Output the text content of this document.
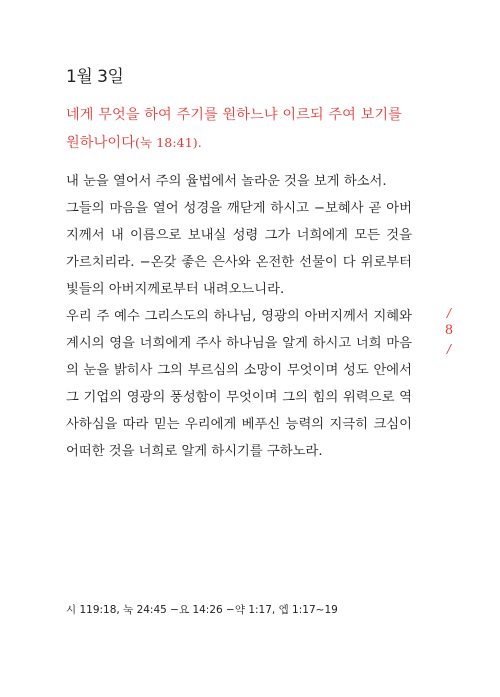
1월 3일
네게 무엇을 하여 주기를 원하느냐 이르되 주여 보기를 원하나이다(눅 18:41).

내 눈을 열어서 주의 율법에서 놀라운 것을 보게 하소서.

그들의 마음을 열어 성경을 깨닫게 하시고 −보혜사 곧 아버지께서 내 이름으로 보내실 성령 그가 너희에게 모든 것을 가르치리라. −온갖 좋은 은사와 온전한 선물이 다 위로부터 빛들의 아버지께로부터 내려오느니라.

우리 주 예수 그리스도의 하나님, 영광의 아버지께서 지혜와 계시의 영을 너희에게 주사 하나님을 알게 하시고 너희 마음의 눈을 밝히사 그의 부르심의 소망이 무엇이며 성도 안에서 그 기업의 영광의 풍성함이 무엇이며 그의 힘의 위력으로 역사하심을 따라 믿는 우리에게 베푸신 능력의 지극히 크심이 어떠한 것을 너희로 알게 하시기를 구하노라.

/
8
/
시 119:18, 눅 24:45 −요 14:26 −약 1:17, 엡 1:17~19
